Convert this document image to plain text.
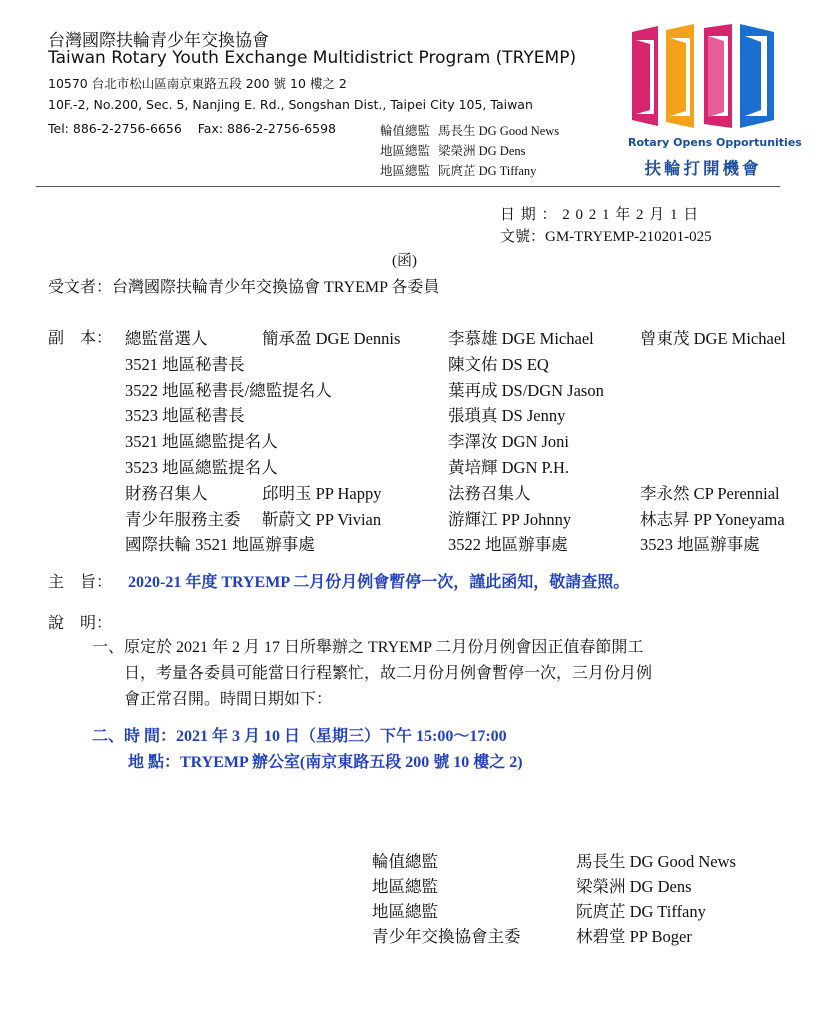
台灣國際扶輪青少年交換協會
Taiwan Rotary Youth Exchange Multidistrict Program (TRYEMP)
10570 台北市松山區南京東路五段 200 號 10 樓之 2
10F.-2, No.200, Sec. 5, Nanjing E. Rd., Songshan Dist., Taipei City 105, Taiwan
Tel: 886-2-2756-6656    Fax: 886-2-2756-6598	輪值總監 馬長生 DG Good News
地區總監 梁榮洲 DG Dens
地區總監 阮庹芷 DG Tiffany
Rotary Opens Opportunities
扶輪打開機會
日 期 ： 2 0 2 1 年 2 月 1 日
文號：GM-TRYEMP-210201-025
(函)
受文者：台灣國際扶輪青少年交換協會 TRYEMP 各委員
副　本： 總監當選人	簡承盈 DGE Dennis	李慕雄 DGE Michael	曾東茂 DGE Michael
3521 地區秘書長	陳文佑 DS EQ
3522 地區秘書長/總監提名人	葉再成 DS/DGN Jason
3523 地區秘書長	張瑣真 DS Jenny
3521 地區總監提名人	李澤汝 DGN Joni
3523 地區總監提名人	黃培輝 DGN P.H.
財務召集人	邱明玉 PP Happy	法務召集人	李永然 CP Perennial
青少年服務主委 靳蔚文 PP Vivian	游輝江 PP Johnny	林志昇 PP Yoneyama
國際扶輪 3521 地區辦事處	3522 地區辦事處	3523 地區辦事處
主　旨： 2020-21 年度 TRYEMP 二月份月例會暫停一次，謹此函知，敬請查照。
說　明：
一、原定於 2021 年 2 月 17 日所舉辦之 TRYEMP 二月份月例會因正值春節開工
日，考量各委員可能當日行程繁忙，故二月份月例會暫停一次，三月份月例
會正常召開。時間日期如下：
二、時 間：2021 年 3 月 10 日（星期三）下午 15:00～17:00
地 點：TRYEMP 辦公室(南京東路五段 200 號 10 樓之 2)
輪值總監	馬長生 DG Good News
地區總監	梁榮洲 DG Dens
地區總監	阮庹芷 DG Tiffany
青少年交換協會主委	林碧堂 PP Boger
